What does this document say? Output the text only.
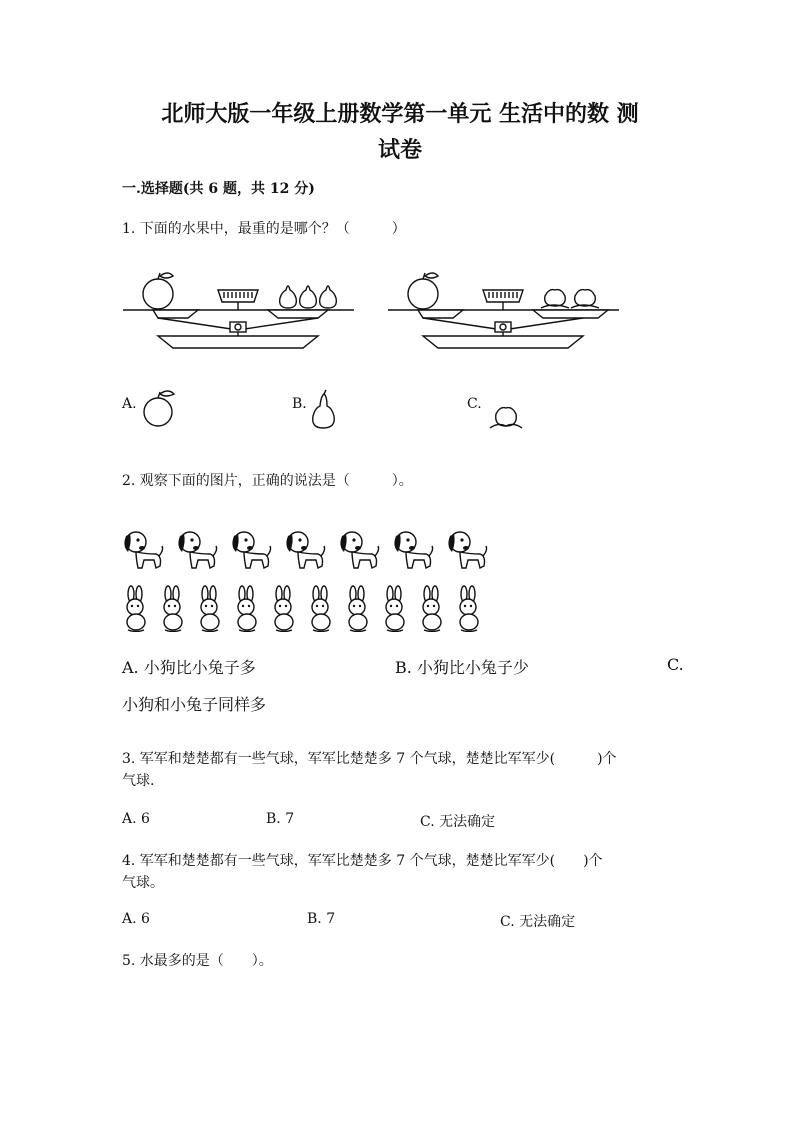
北师大版一年级上册数学第一单元 生活中的数 测
试卷
一.选择题(共 6 题，共 12 分)
1. 下面的水果中，最重的是哪个？（　　　）
A.	B.	C.
2. 观察下面的图片，正确的说法是（　　　）。
A. 小狗比小兔子多	B. 小狗比小兔子少	C.
小狗和小兔子同样多
3. 军军和楚楚都有一些气球，军军比楚楚多 7 个气球，楚楚比军军少(　　　)个
气球.
A. 6	B. 7	C. 无法确定
4. 军军和楚楚都有一些气球，军军比楚楚多 7 个气球，楚楚比军军少(　　)个
气球。
A. 6	B. 7	C. 无法确定
5. 水最多的是（　　）。
